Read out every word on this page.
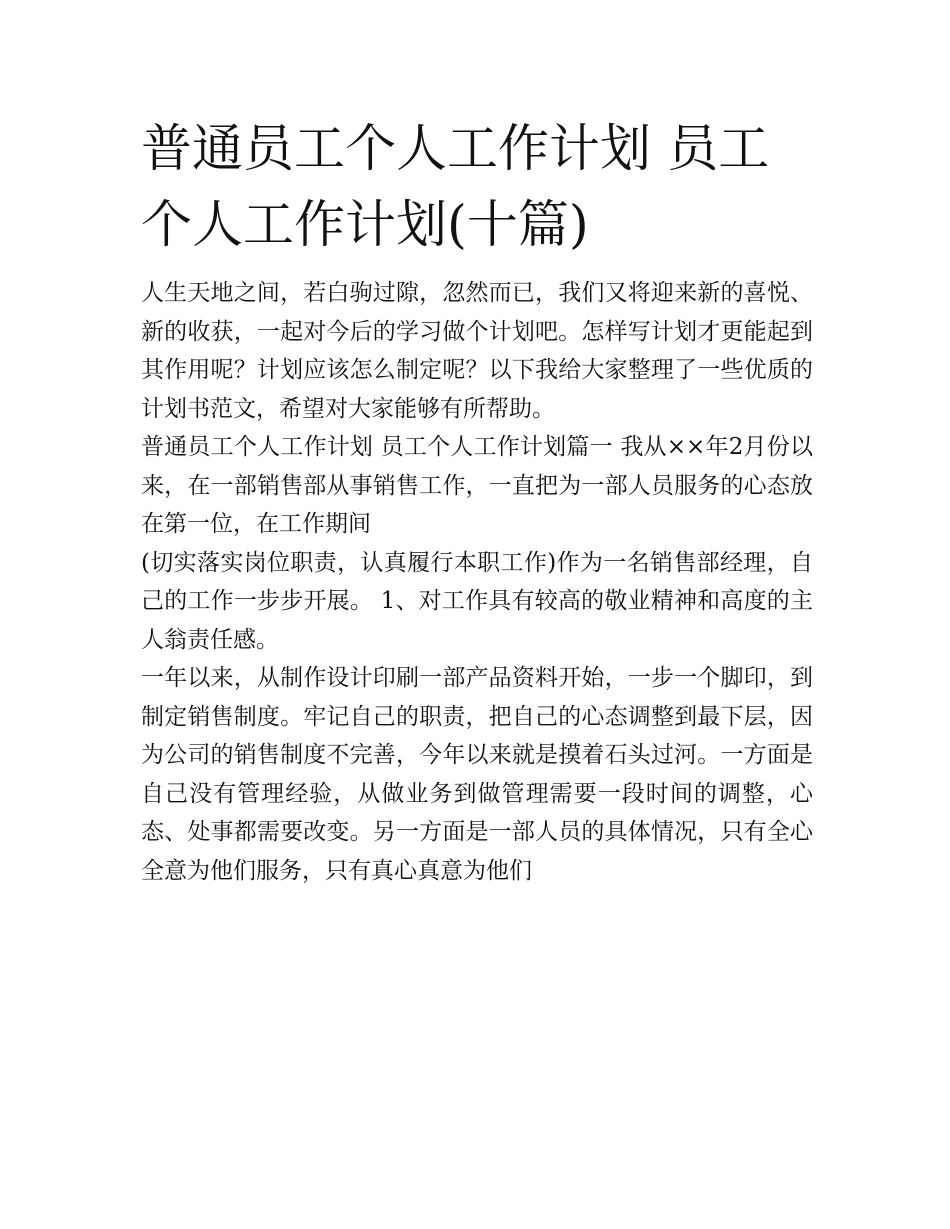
普通员工个人工作计划 员工个人工作计划(十篇)

人生天地之间，若白驹过隙，忽然而已，我们又将迎来新的喜悦、新的收获，一起对今后的学习做个计划吧。怎样写计划才更能起到其作用呢？计划应该怎么制定呢？以下我给大家整理了一些优质的计划书范文，希望对大家能够有所帮助。

普通员工个人工作计划 员工个人工作计划篇一 我从××年2月份以来，在一部销售部从事销售工作，一直把为一部人员服务的心态放在第一位，在工作期间

(切实落实岗位职责，认真履行本职工作)作为一名销售部经理，自己的工作一步步开展。 1、对工作具有较高的敬业精神和高度的主人翁责任感。

一年以来，从制作设计印刷一部产品资料开始，一步一个脚印，到制定销售制度。牢记自己的职责，把自己的心态调整到最下层，因为公司的销售制度不完善，今年以来就是摸着石头过河。一方面是自己没有管理经验，从做业务到做管理需要一段时间的调整，心态、处事都需要改变。另一方面是一部人员的具体情况，只有全心全意为他们服务，只有真心真意为他们
